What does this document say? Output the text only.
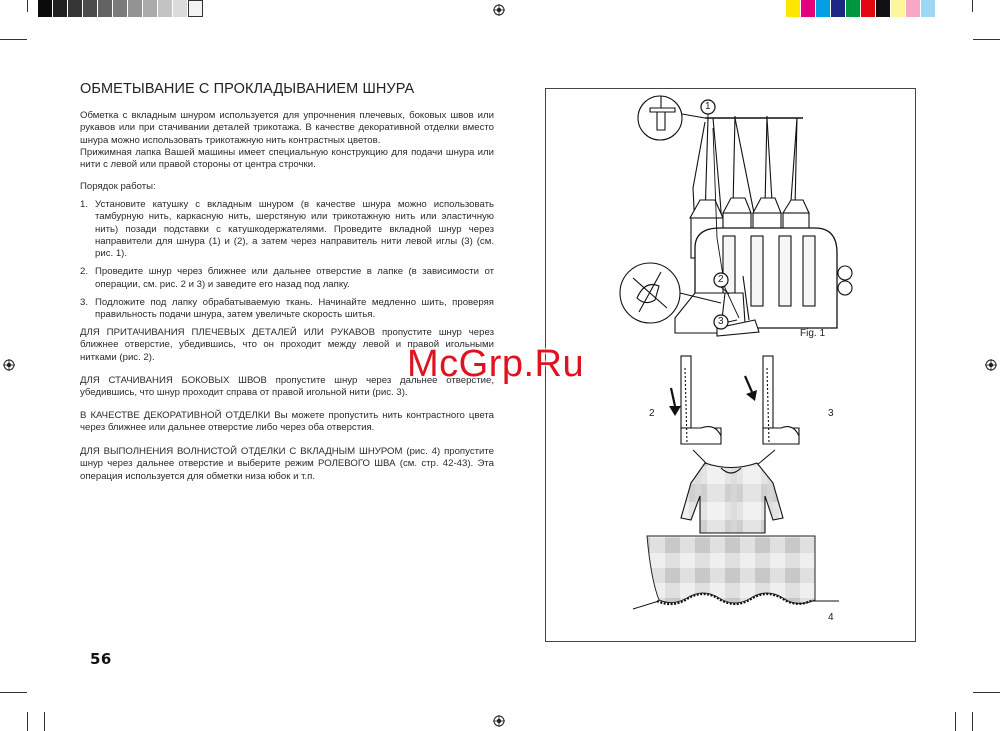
ОБМЕТЫВАНИЕ С ПРОКЛАДЫВАНИЕМ ШНУРА
Обметка с вкладным шнуром используется для упрочнения плечевых, боковых швов или рукавов или при стачивании деталей трикотажа. В качестве декоративной отделки вместо шнура можно использовать трикотажную нить контрастных цветов.
Прижимная лапка Вашей машины имеет специальную конструкцию для подачи шнура или нити с левой или правой стороны от центра строчки.
Порядок работы:
1. Установите катушку с вкладным шнуром (в качестве шнура можно использовать тамбурную нить, каркасную нить, шерстяную или трикотажную нить или эластичную нить) позади подставки с катушкодержателями. Проведите вкладной шнур через направители для шнура (1) и (2), а затем через направитель нити левой иглы (3) (см. рис. 1).
2. Проведите шнур через ближнее или дальнее отверстие в лапке (в зависимости от операции, см. рис. 2 и 3) и заведите его назад под лапку.
3. Подложите под лапку обрабатываемую ткань. Начинайте медленно шить, проверяя правильность подачи шнура, затем увеличьте скорость шитья.
ДЛЯ ПРИТАЧИВАНИЯ ПЛЕЧЕВЫХ ДЕТАЛЕЙ ИЛИ РУКАВОВ пропустите шнур через ближнее отверстие, убедившись, что он проходит между левой и правой игольными нитками (рис. 2).
ДЛЯ СТАЧИВАНИЯ БОКОВЫХ ШВОВ пропустите шнур через дальнее отверстие, убедившись, что шнур проходит справа от правой игольной нити (рис. 3).
В КАЧЕСТВЕ ДЕКОРАТИВНОЙ ОТДЕЛКИ Вы можете пропустить нить контрастного цвета через ближнее или дальнее отверстие либо через оба отверстия.
ДЛЯ ВЫПОЛНЕНИЯ ВОЛНИСТОЙ ОТДЕЛКИ С ВКЛАДНЫМ ШНУРОМ (рис. 4) пропустите шнур через дальнее отверстие и выберите режим РОЛЕВОГО ШВА (см. стр. 42-43). Эта операция используется для обметки низа юбок и т.п.
56
1
2
3
Fig. 1
2	3
4
McGrp.Ru
